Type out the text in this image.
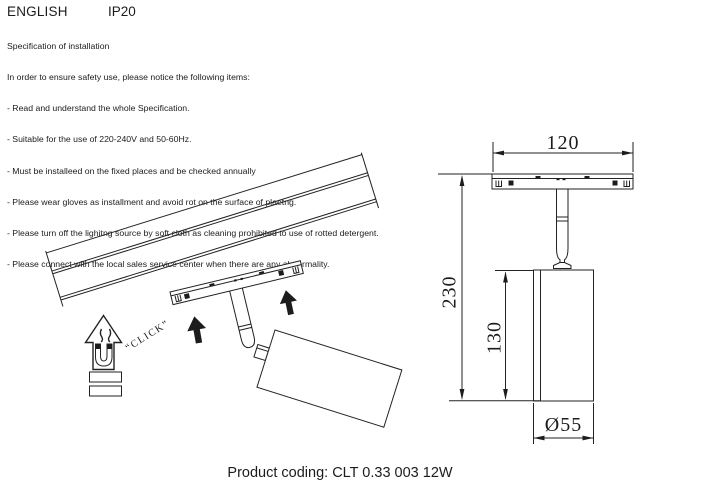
ENGLISH	IP20

Specification of installation

In order to ensure safety use, please notice the following items:

- Read and understand the whole Specification.

- Suitable for the use of 220-240V and 50-60Hz.

- Must be installeed on the fixed places and be checked annually

- Please wear gloves as installment and avoid rot on the surface of plaetng.

- Please turn off the lighitng source by soft cloth as cleaning prohibited to use of rotted detergent.

- Please connect with the local sales service center when there are any abnormality.

“CLICK”
120
230
130
Ø55
Product coding: CLT 0.33 003 12W
